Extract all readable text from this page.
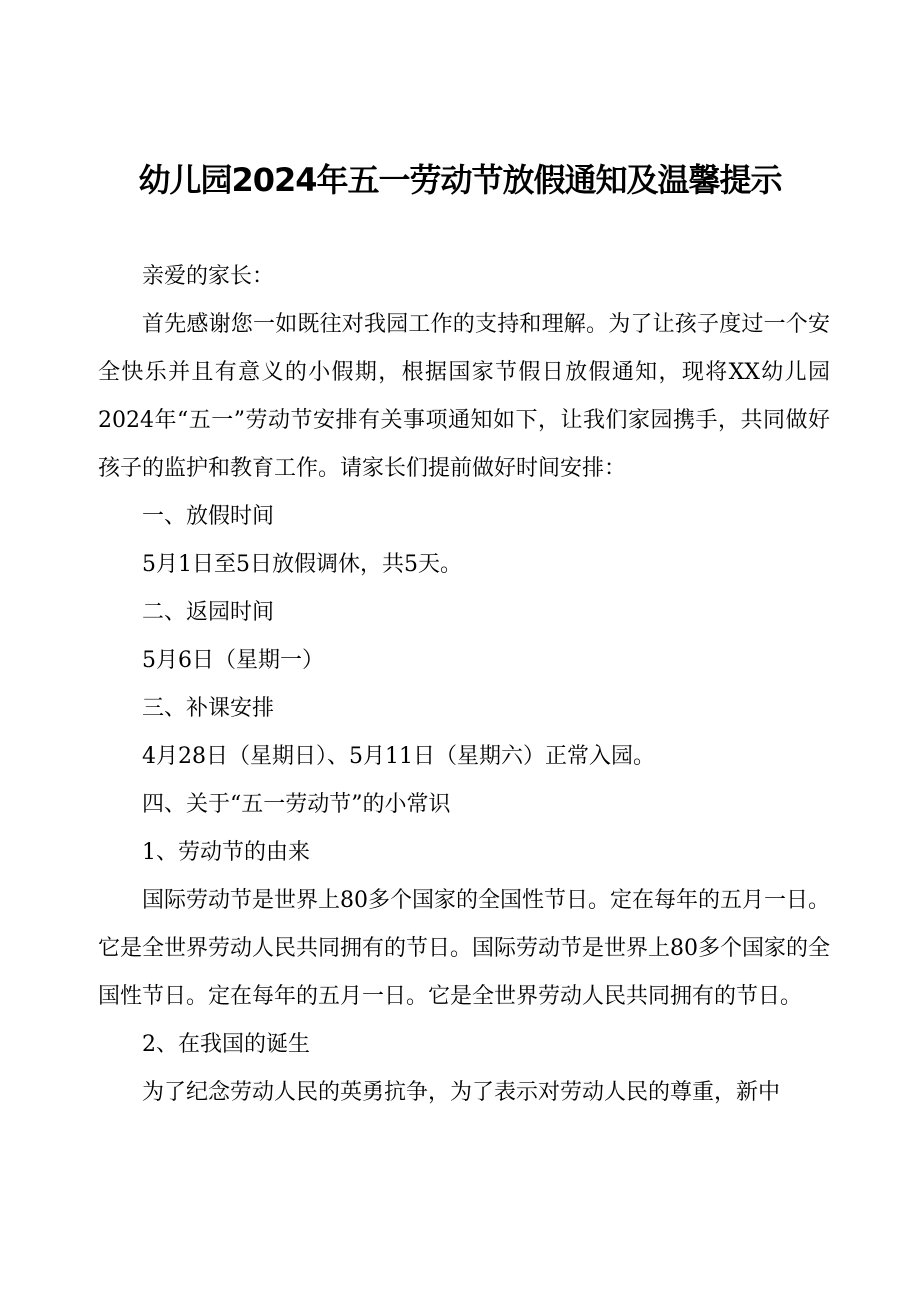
幼儿园2024年五一劳动节放假通知及温馨提示

亲爱的家长：

首先感谢您一如既往对我园工作的支持和理解。为了让孩子度过一个安全快乐并且有意义的小假期，根据国家节假日放假通知，现将XX幼儿园2024年“五一”劳动节安排有关事项通知如下，让我们家园携手，共同做好孩子的监护和教育工作。请家长们提前做好时间安排：

一、放假时间

5月1日至5日放假调休，共5天。

二、返园时间

5月6日（星期一）

三、补课安排

4月28日（星期日）、5月11日（星期六）正常入园。

四、关于“五一劳动节”的小常识

1、劳动节的由来

国际劳动节是世界上80多个国家的全国性节日。定在每年的五月一日。它是全世界劳动人民共同拥有的节日。国际劳动节是世界上80多个国家的全国性节日。定在每年的五月一日。它是全世界劳动人民共同拥有的节日。

2、在我国的诞生

为了纪念劳动人民的英勇抗争，为了表示对劳动人民的尊重，新中
